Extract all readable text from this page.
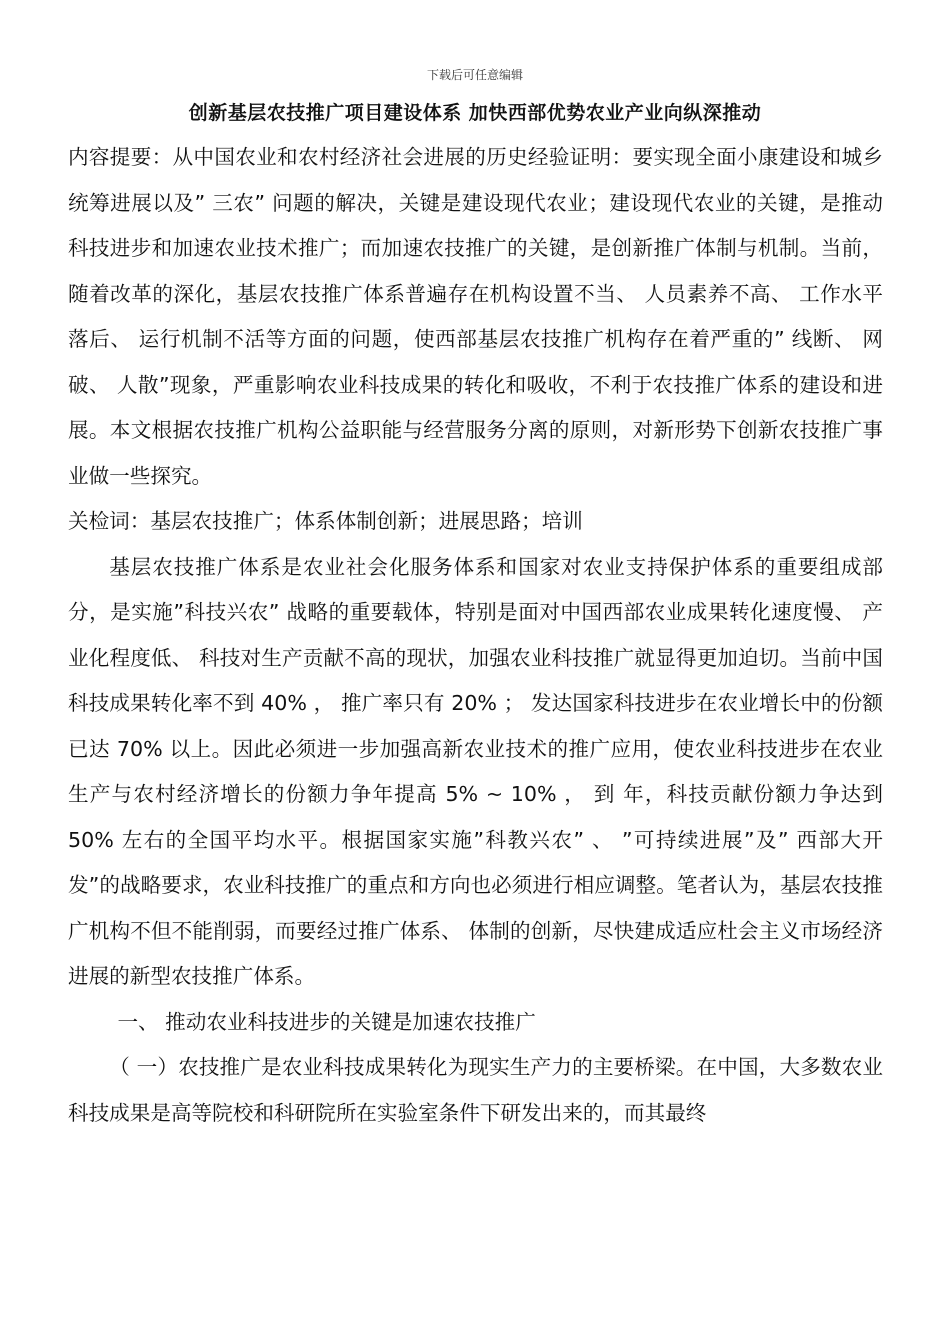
下载后可任意编辑
创新基层农技推广项目建设体系 加快西部优势农业产业向纵深推动

内容提要：从中国农业和农村经济社会进展的历史经验证明：要实现全面小康建设和城乡统筹进展以及” 三农” 问题的解决，关键是建设现代农业；建设现代农业的关键，是推动科技进步和加速农业技术推广；而加速农技推广的关键，是创新推广体制与机制。当前，随着改革的深化，基层农技推广体系普遍存在机构设置不当、 人员素养不高、 工作水平落后、 运行机制不活等方面的问题，使西部基层农技推广机构存在着严重的” 线断、 网破、 人散”现象，严重影响农业科技成果的转化和吸收，不利于农技推广体系的建设和进展。本文根据农技推广机构公益职能与经营服务分离的原则，对新形势下创新农技推广事业做一些探究。

关检词：基层农技推广；体系体制创新；进展思路；培训

基层农技推广体系是农业社会化服务体系和国家对农业支持保护体系的重要组成部分，是实施”科技兴农” 战略的重要载体，特别是面对中国西部农业成果转化速度慢、 产业化程度低、 科技对生产贡献不高的现状，加强农业科技推广就显得更加迫切。当前中国科技成果转化率不到 40% ， 推广率只有 20% ； 发达国家科技进步在农业增长中的份额已达 70% 以上。因此必须进一步加强高新农业技术的推广应用，使农业科技进步在农业生产与农村经济增长的份额力争年提高 5% ~ 10% ， 到 年，科技贡献份额力争达到 50% 左右的全国平均水平。根据国家实施”科教兴农” 、 ”可持续进展”及” 西部大开发”的战略要求，农业科技推广的重点和方向也必须进行相应调整。笔者认为，基层农技推广机构不但不能削弱，而要经过推广体系、 体制的创新，尽快建成适应杜会主义市场经济进展的新型农技推广体系。

一、 推动农业科技进步的关键是加速农技推广

（ 一）农技推广是农业科技成果转化为现实生产力的主要桥梁。在中国，大多数农业科技成果是高等院校和科研院所在实验室条件下研发出来的，而其最终
